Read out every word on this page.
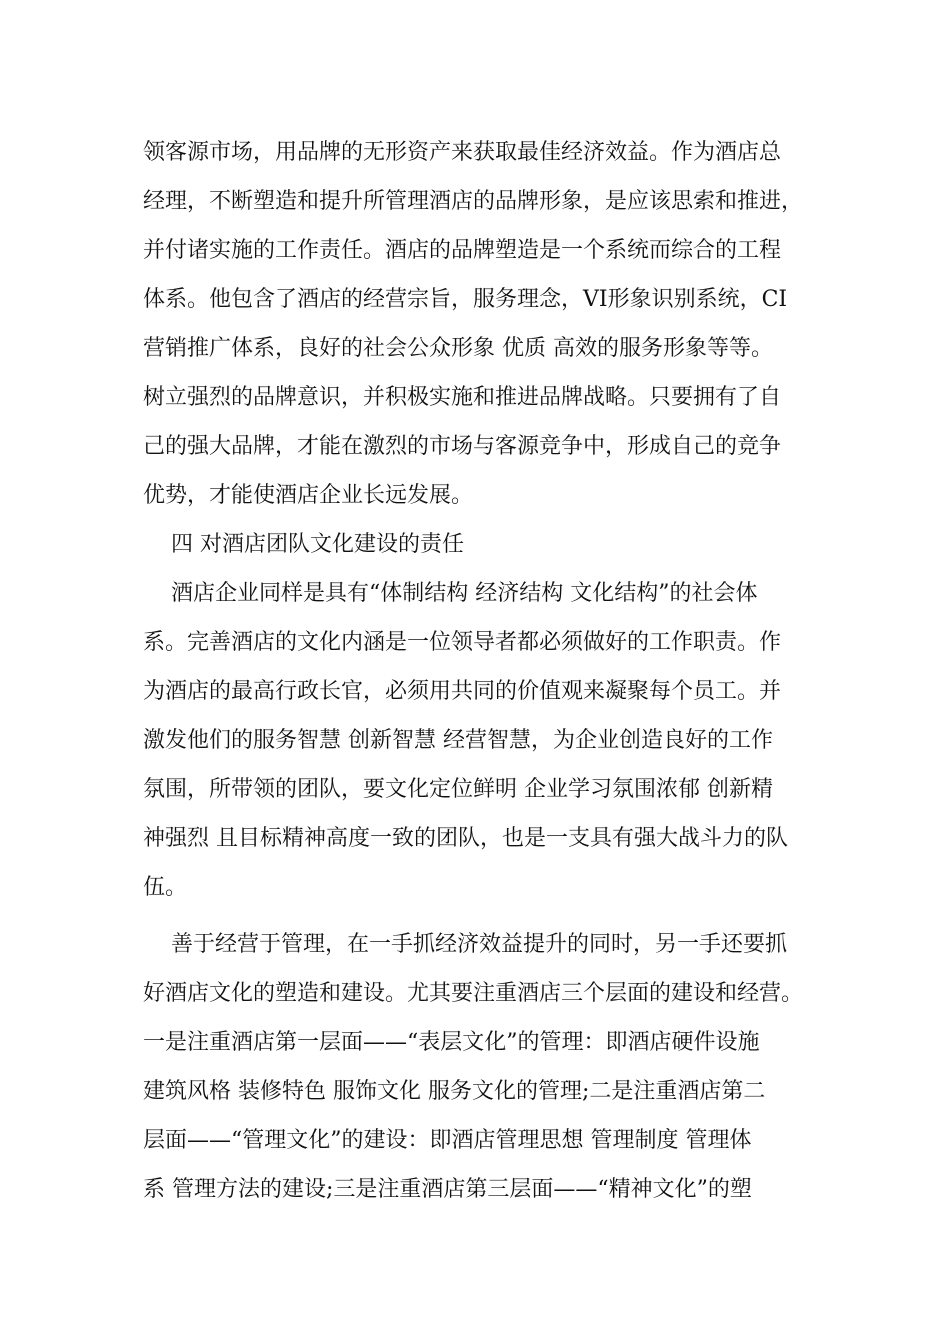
领客源市场，用品牌的无形资产来获取最佳经济效益。作为酒店总
经理，不断塑造和提升所管理酒店的品牌形象，是应该思索和推进，
并付诸实施的工作责任。酒店的品牌塑造是一个系统而综合的工程
体系。他包含了酒店的经营宗旨，服务理念，VI形象识别系统，CI
营销推广体系，良好的社会公众形象 优质 高效的服务形象等等。
树立强烈的品牌意识，并积极实施和推进品牌战略。只要拥有了自
己的强大品牌，才能在激烈的市场与客源竞争中，形成自己的竞争
优势，才能使酒店企业长远发展。
四 对酒店团队文化建设的责任
酒店企业同样是具有“体制结构 经济结构 文化结构”的社会体
系。完善酒店的文化内涵是一位领导者都必须做好的工作职责。作
为酒店的最高行政长官，必须用共同的价值观来凝聚每个员工。并
激发他们的服务智慧 创新智慧 经营智慧，为企业创造良好的工作
氛围，所带领的团队，要文化定位鲜明 企业学习氛围浓郁 创新精
神强烈 且目标精神高度一致的团队，也是一支具有强大战斗力的队
伍。
善于经营于管理，在一手抓经济效益提升的同时，另一手还要抓
好酒店文化的塑造和建设。尤其要注重酒店三个层面的建设和经营。
一是注重酒店第一层面——“表层文化”的管理：即酒店硬件设施
建筑风格 装修特色 服饰文化 服务文化的管理;二是注重酒店第二
层面——“管理文化”的建设：即酒店管理思想 管理制度 管理体
系 管理方法的建设;三是注重酒店第三层面——“精神文化”的塑
